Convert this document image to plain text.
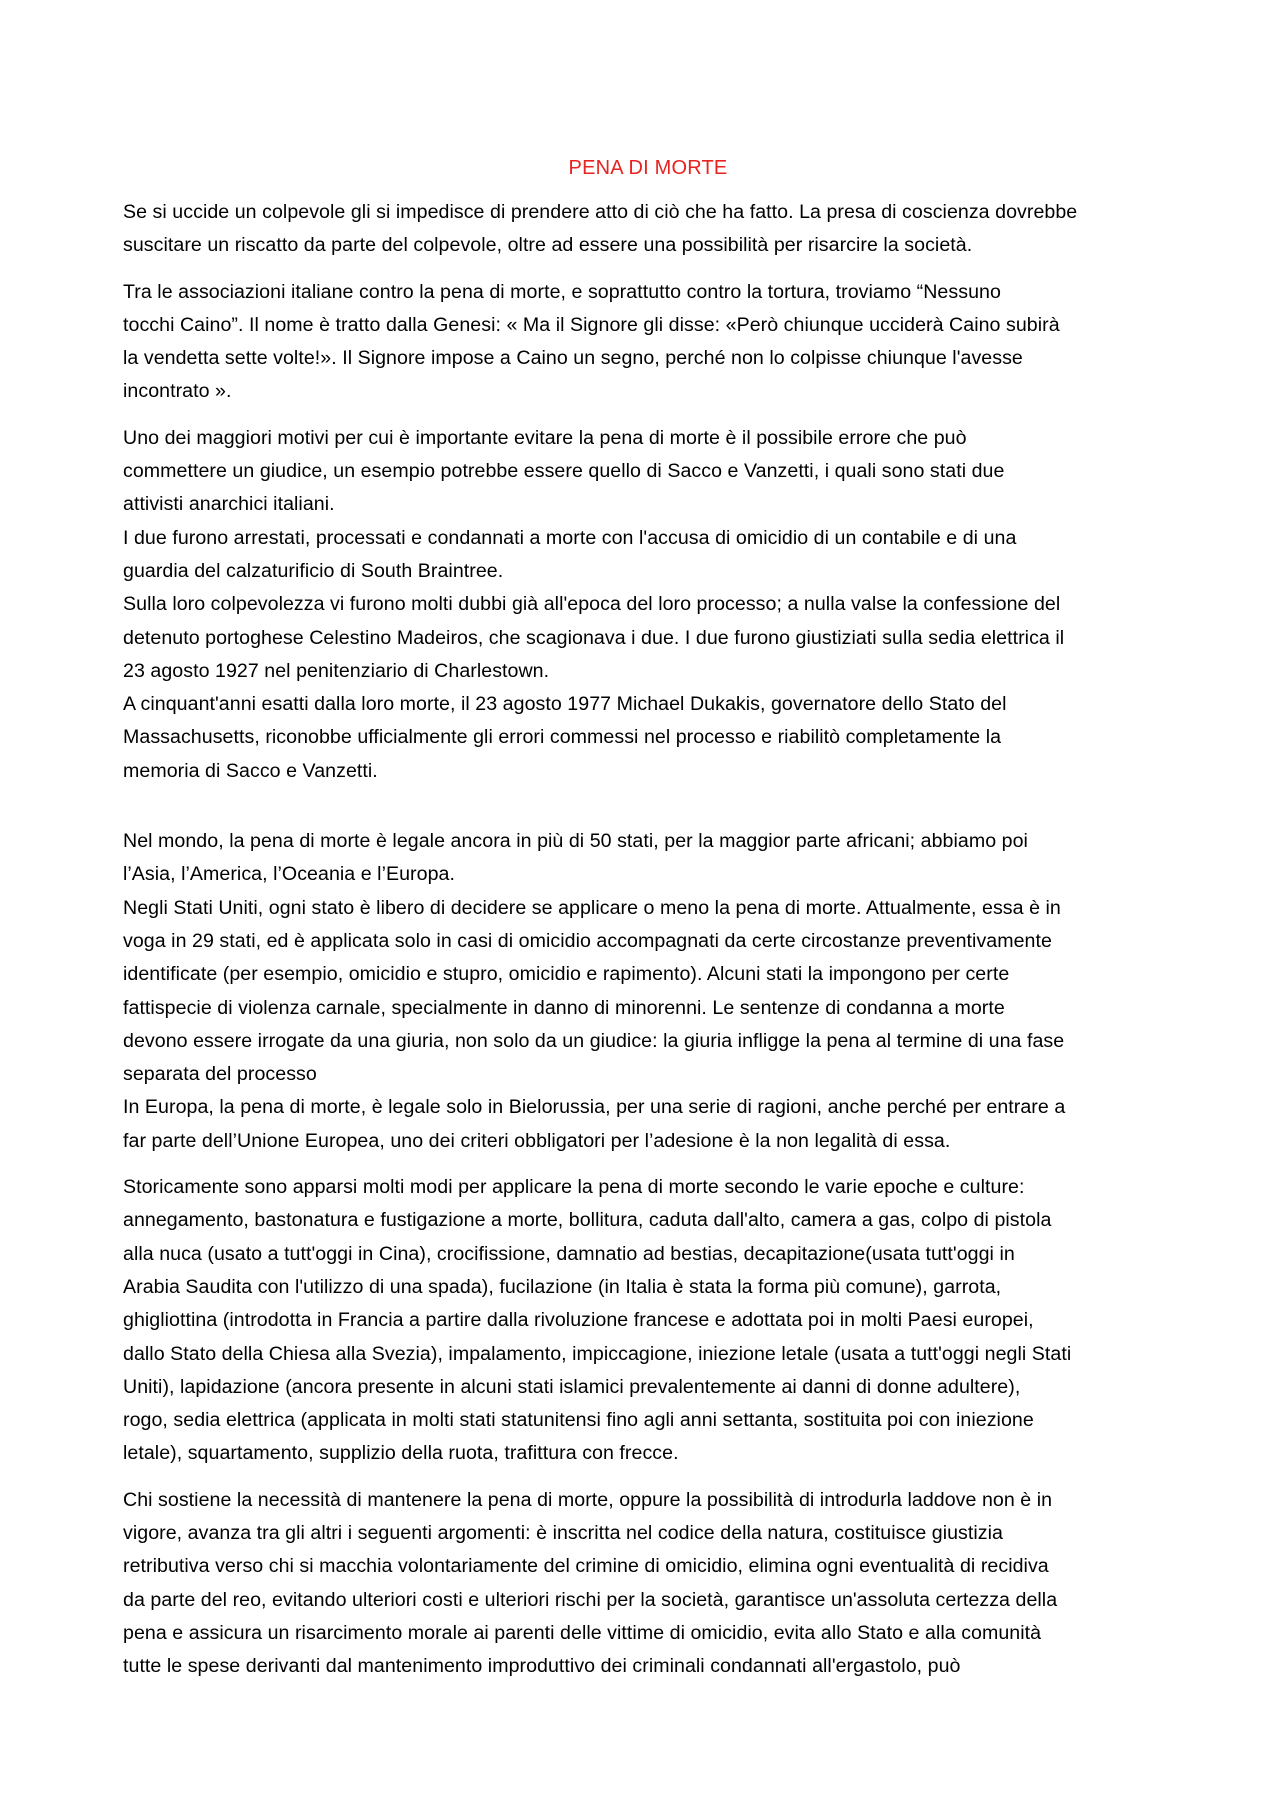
PENA DI MORTE
Se si uccide un colpevole gli si impedisce di prendere atto di ciò che ha fatto. La presa di coscienza dovrebbe
suscitare un riscatto da parte del colpevole, oltre ad essere una possibilità per risarcire la società.
Tra le associazioni italiane contro la pena di morte, e soprattutto contro la tortura, troviamo “Nessuno
tocchi Caino”. Il nome è tratto dalla Genesi: « Ma il Signore gli disse: «Però chiunque ucciderà Caino subirà
la vendetta sette volte!». Il Signore impose a Caino un segno, perché non lo colpisse chiunque l'avesse
incontrato ».
Uno dei maggiori motivi per cui è importante evitare la pena di morte è il possibile errore che può
commettere un giudice, un esempio potrebbe essere quello di Sacco e Vanzetti, i quali sono stati due
attivisti anarchici italiani.
I due furono arrestati, processati e condannati a morte con l'accusa di omicidio di un contabile e di una
guardia del calzaturificio di South Braintree.
Sulla loro colpevolezza vi furono molti dubbi già all'epoca del loro processo; a nulla valse la confessione del
detenuto portoghese Celestino Madeiros, che scagionava i due. I due furono giustiziati sulla sedia elettrica il
23 agosto 1927 nel penitenziario di Charlestown.
A cinquant'anni esatti dalla loro morte, il 23 agosto 1977 Michael Dukakis, governatore dello Stato del
Massachusetts, riconobbe ufficialmente gli errori commessi nel processo e riabilitò completamente la
memoria di Sacco e Vanzetti.
Nel mondo, la pena di morte è legale ancora in più di 50 stati, per la maggior parte africani; abbiamo poi
l’Asia, l’America, l’Oceania e l’Europa.
Negli Stati Uniti, ogni stato è libero di decidere se applicare o meno la pena di morte. Attualmente, essa è in
voga in 29 stati, ed è applicata solo in casi di omicidio accompagnati da certe circostanze preventivamente
identificate (per esempio, omicidio e stupro, omicidio e rapimento). Alcuni stati la impongono per certe
fattispecie di violenza carnale, specialmente in danno di minorenni. Le sentenze di condanna a morte
devono essere irrogate da una giuria, non solo da un giudice: la giuria infligge la pena al termine di una fase
separata del processo
In Europa, la pena di morte, è legale solo in Bielorussia, per una serie di ragioni, anche perché per entrare a
far parte dell’Unione Europea, uno dei criteri obbligatori per l’adesione è la non legalità di essa.
Storicamente sono apparsi molti modi per applicare la pena di morte secondo le varie epoche e culture:
annegamento, bastonatura e fustigazione a morte, bollitura, caduta dall'alto, camera a gas, colpo di pistola
alla nuca (usato a tutt'oggi in Cina), crocifissione, damnatio ad bestias, decapitazione(usata tutt'oggi in
Arabia Saudita con l'utilizzo di una spada), fucilazione (in Italia è stata la forma più comune), garrota,
ghigliottina (introdotta in Francia a partire dalla rivoluzione francese e adottata poi in molti Paesi europei,
dallo Stato della Chiesa alla Svezia), impalamento, impiccagione, iniezione letale (usata a tutt'oggi negli Stati
Uniti), lapidazione (ancora presente in alcuni stati islamici prevalentemente ai danni di donne adultere),
rogo, sedia elettrica (applicata in molti stati statunitensi fino agli anni settanta, sostituita poi con iniezione
letale), squartamento, supplizio della ruota, trafittura con frecce.
Chi sostiene la necessità di mantenere la pena di morte, oppure la possibilità di introdurla laddove non è in
vigore, avanza tra gli altri i seguenti argomenti: è inscritta nel codice della natura, costituisce giustizia
retributiva verso chi si macchia volontariamente del crimine di omicidio, elimina ogni eventualità di recidiva
da parte del reo, evitando ulteriori costi e ulteriori rischi per la società, garantisce un'assoluta certezza della
pena e assicura un risarcimento morale ai parenti delle vittime di omicidio, evita allo Stato e alla comunità
tutte le spese derivanti dal mantenimento improduttivo dei criminali condannati all'ergastolo, può
